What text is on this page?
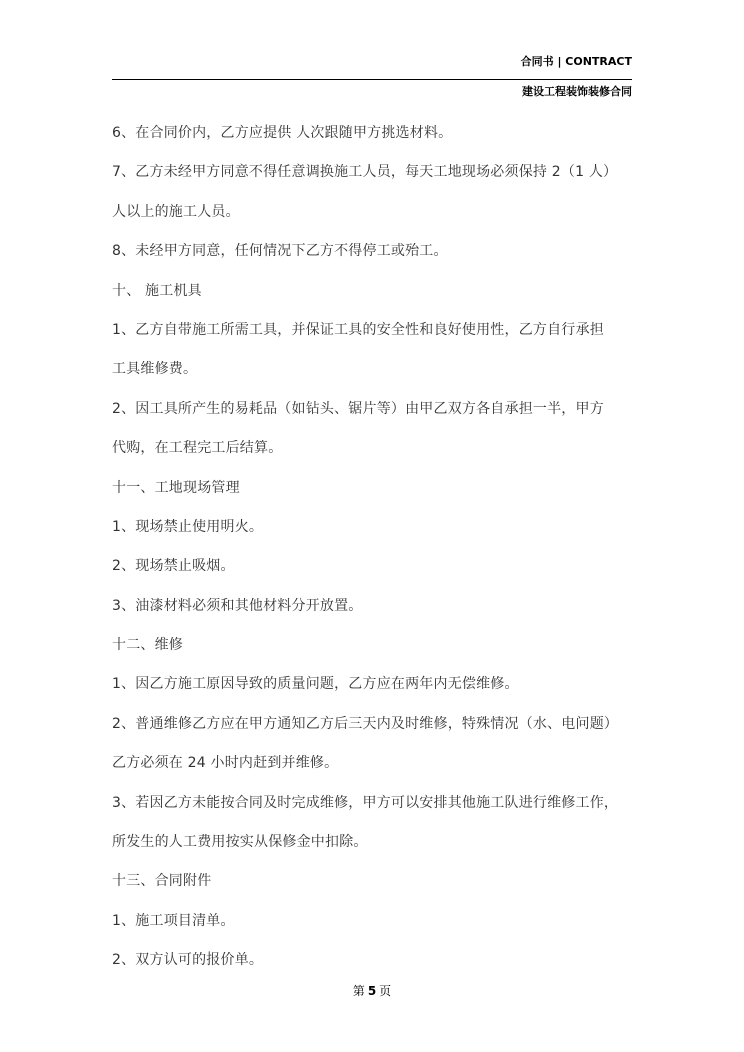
合同书 | CONTRACT
建设工程装饰装修合同
6、在合同价内，乙方应提供 人次跟随甲方挑选材料。
7、乙方未经甲方同意不得任意调换施工人员，每天工地现场必须保持 2（1 人）
人以上的施工人员。
8、未经甲方同意，任何情况下乙方不得停工或殆工。
十、 施工机具
1、乙方自带施工所需工具，并保证工具的安全性和良好使用性，乙方自行承担
工具维修费。
2、因工具所产生的易耗品（如钻头、锯片等）由甲乙双方各自承担一半，甲方
代购，在工程完工后结算。
十一、工地现场管理
1、现场禁止使用明火。
2、现场禁止吸烟。
3、油漆材料必须和其他材料分开放置。
十二、维修
1、因乙方施工原因导致的质量问题，乙方应在两年内无偿维修。
2、普通维修乙方应在甲方通知乙方后三天内及时维修，特殊情况（水、电问题）
乙方必须在 24 小时内赶到并维修。
3、若因乙方未能按合同及时完成维修，甲方可以安排其他施工队进行维修工作，
所发生的人工费用按实从保修金中扣除。
十三、合同附件
1、施工项目清单。
2、双方认可的报价单。
第 5 页
